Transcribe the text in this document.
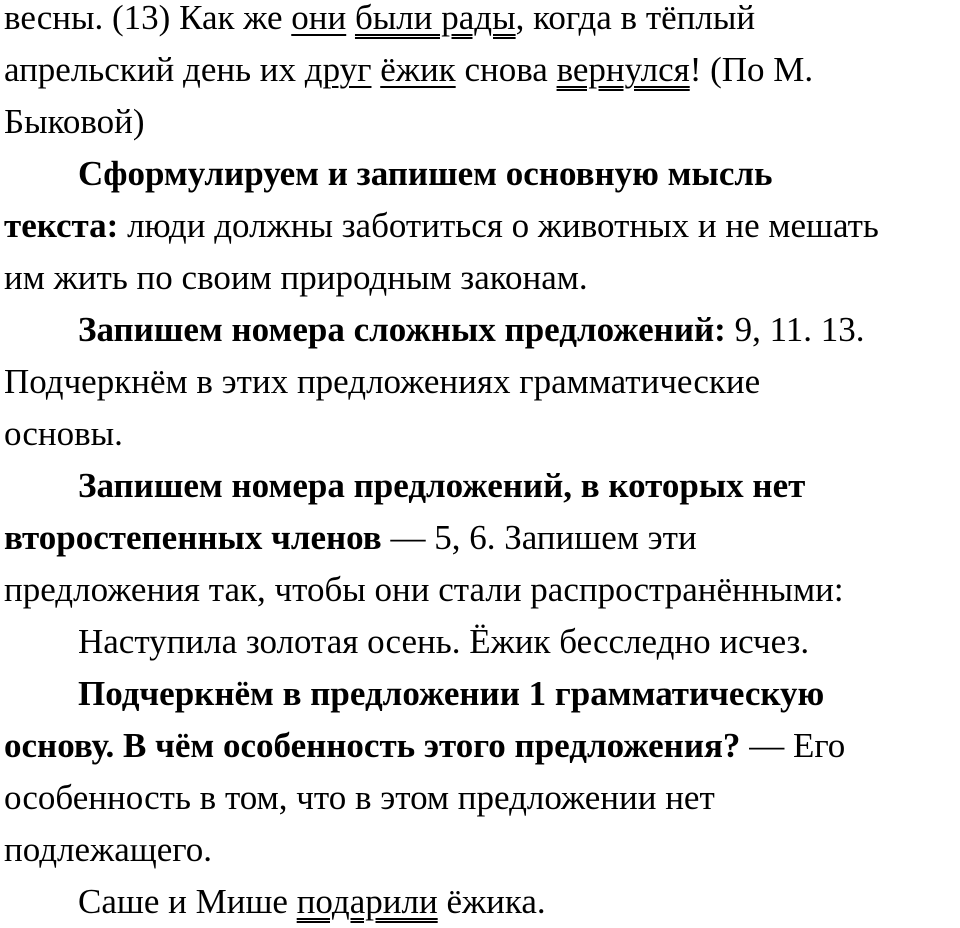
весны. (13) Как же они были рады, когда в тёплый
апрельский день их друг ёжик снова вернулся! (По М.
Быковой)

Сформулируем и запишем основную мысль
текста: люди должны заботиться о животных и не мешать
им жить по своим природным законам.

Запишем номера сложных предложений: 9, 11. 13.
Подчеркнём в этих предложениях грамматические
основы.

Запишем номера предложений, в которых нет
второстепенных членов — 5, 6. Запишем эти
предложения так, чтобы они стали распространёнными:

Наступила золотая осень. Ёжик бесследно исчез.

Подчеркнём в предложении 1 грамматическую
основу. В чём особенность этого предложения? — Его
особенность в том, что в этом предложении нет
подлежащего.

Саше и Мише подарили ёжика.
